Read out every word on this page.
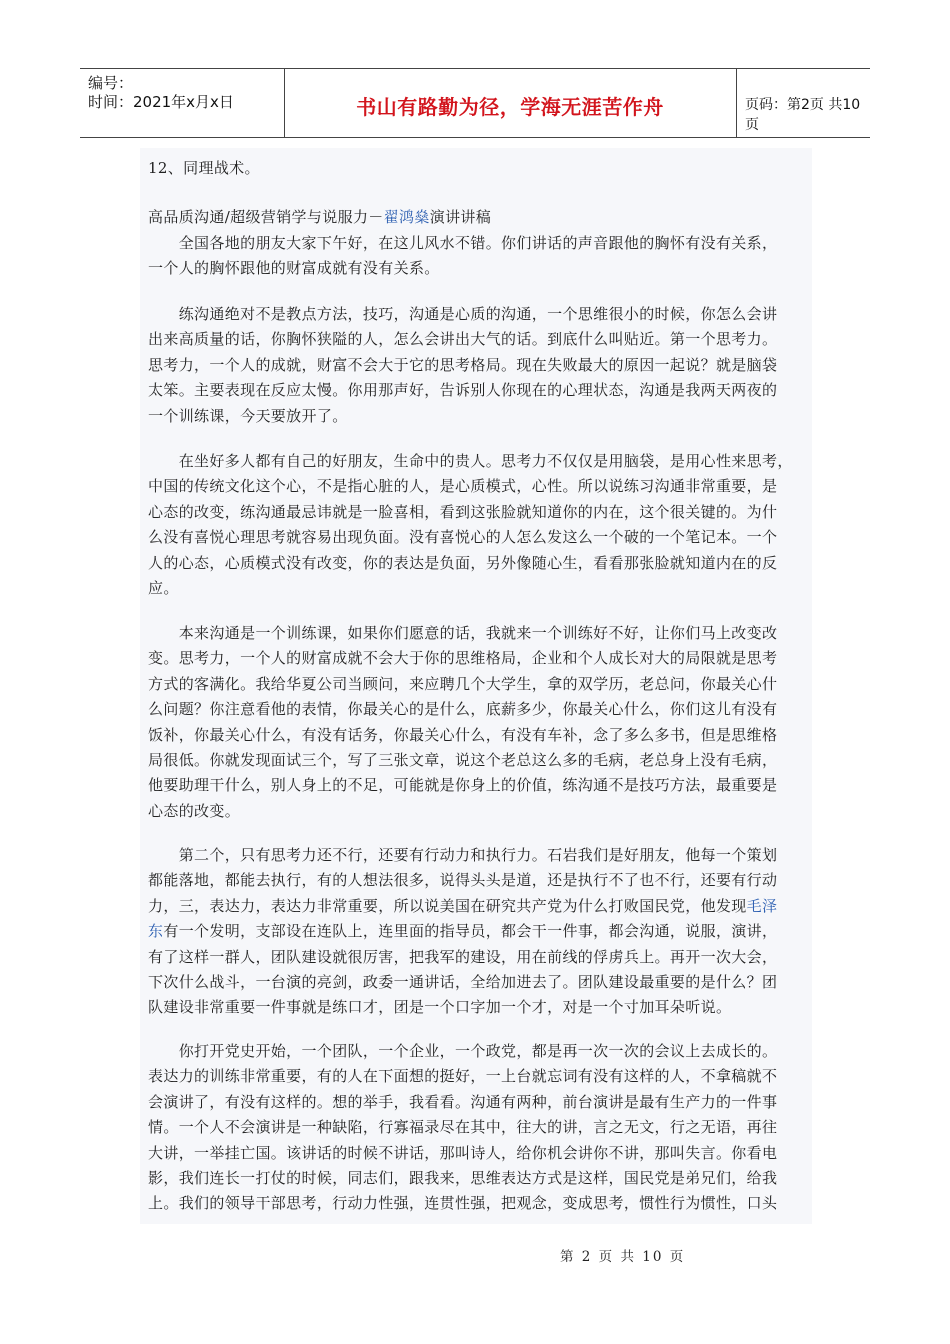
编号：
时间：2021年x月x日	书山有路勤为径，学海无涯苦作舟	页码：第2页 共10页
12、同理战术。
高品质沟通/超级营销学与说服力－翟鸿燊演讲讲稿
　　全国各地的朋友大家下午好，在这儿风水不错。你们讲话的声音跟他的胸怀有没有关系，
一个人的胸怀跟他的财富成就有没有关系。
　　练沟通绝对不是教点方法，技巧，沟通是心质的沟通，一个思维很小的时候，你怎么会讲
出来高质量的话，你胸怀狭隘的人，怎么会讲出大气的话。到底什么叫贴近。第一个思考力。
思考力，一个人的成就，财富不会大于它的思考格局。现在失败最大的原因一起说？就是脑袋
太笨。主要表现在反应太慢。你用那声好，告诉别人你现在的心理状态，沟通是我两天两夜的
一个训练课，今天要放开了。
　　在坐好多人都有自己的好朋友，生命中的贵人。思考力不仅仅是用脑袋，是用心性来思考，
中国的传统文化这个心，不是指心脏的人，是心质模式，心性。所以说练习沟通非常重要，是
心态的改变，练沟通最忌讳就是一脸喜相，看到这张脸就知道你的内在，这个很关键的。为什
么没有喜悦心理思考就容易出现负面。没有喜悦心的人怎么发这么一个破的一个笔记本。一个
人的心态，心质模式没有改变，你的表达是负面，另外像随心生，看看那张脸就知道内在的反
应。
　　本来沟通是一个训练课，如果你们愿意的话，我就来一个训练好不好，让你们马上改变改
变。思考力，一个人的财富成就不会大于你的思维格局，企业和个人成长对大的局限就是思考
方式的客满化。我给华夏公司当顾问，来应聘几个大学生，拿的双学历，老总问，你最关心什
么问题？你注意看他的表情，你最关心的是什么，底薪多少，你最关心什么，你们这儿有没有
饭补，你最关心什么，有没有话务，你最关心什么，有没有车补，念了多么多书，但是思维格
局很低。你就发现面试三个，写了三张文章，说这个老总这么多的毛病，老总身上没有毛病，
他要助理干什么，别人身上的不足，可能就是你身上的价值，练沟通不是技巧方法，最重要是
心态的改变。
　　第二个，只有思考力还不行，还要有行动力和执行力。石岩我们是好朋友，他每一个策划
都能落地，都能去执行，有的人想法很多，说得头头是道，还是执行不了也不行，还要有行动
力，三，表达力，表达力非常重要，所以说美国在研究共产党为什么打败国民党，他发现毛泽
东有一个发明，支部设在连队上，连里面的指导员，都会干一件事，都会沟通，说服，演讲，
有了这样一群人，团队建设就很厉害，把我军的建设，用在前线的俘虏兵上。再开一次大会，
下次什么战斗，一台演的亮剑，政委一通讲话，全给加进去了。团队建设最重要的是什么？团
队建设非常重要一件事就是练口才，团是一个口字加一个才，对是一个寸加耳朵听说。
　　你打开党史开始，一个团队，一个企业，一个政党，都是再一次一次的会议上去成长的。
表达力的训练非常重要，有的人在下面想的挺好，一上台就忘词有没有这样的人，不拿稿就不
会演讲了，有没有这样的。想的举手，我看看。沟通有两种，前台演讲是最有生产力的一件事
情。一个人不会演讲是一种缺陷，行寡福录尽在其中，往大的讲，言之无文，行之无语，再往
大讲，一举挂亡国。该讲话的时候不讲话，那叫诗人，给你机会讲你不讲，那叫失言。你看电
影，我们连长一打仗的时候，同志们，跟我来，思维表达方式是这样，国民党是弟兄们，给我
上。我们的领导干部思考，行动力性强，连贯性强，把观念，变成思考，惯性行为惯性，口头
第 2 页 共 10 页
